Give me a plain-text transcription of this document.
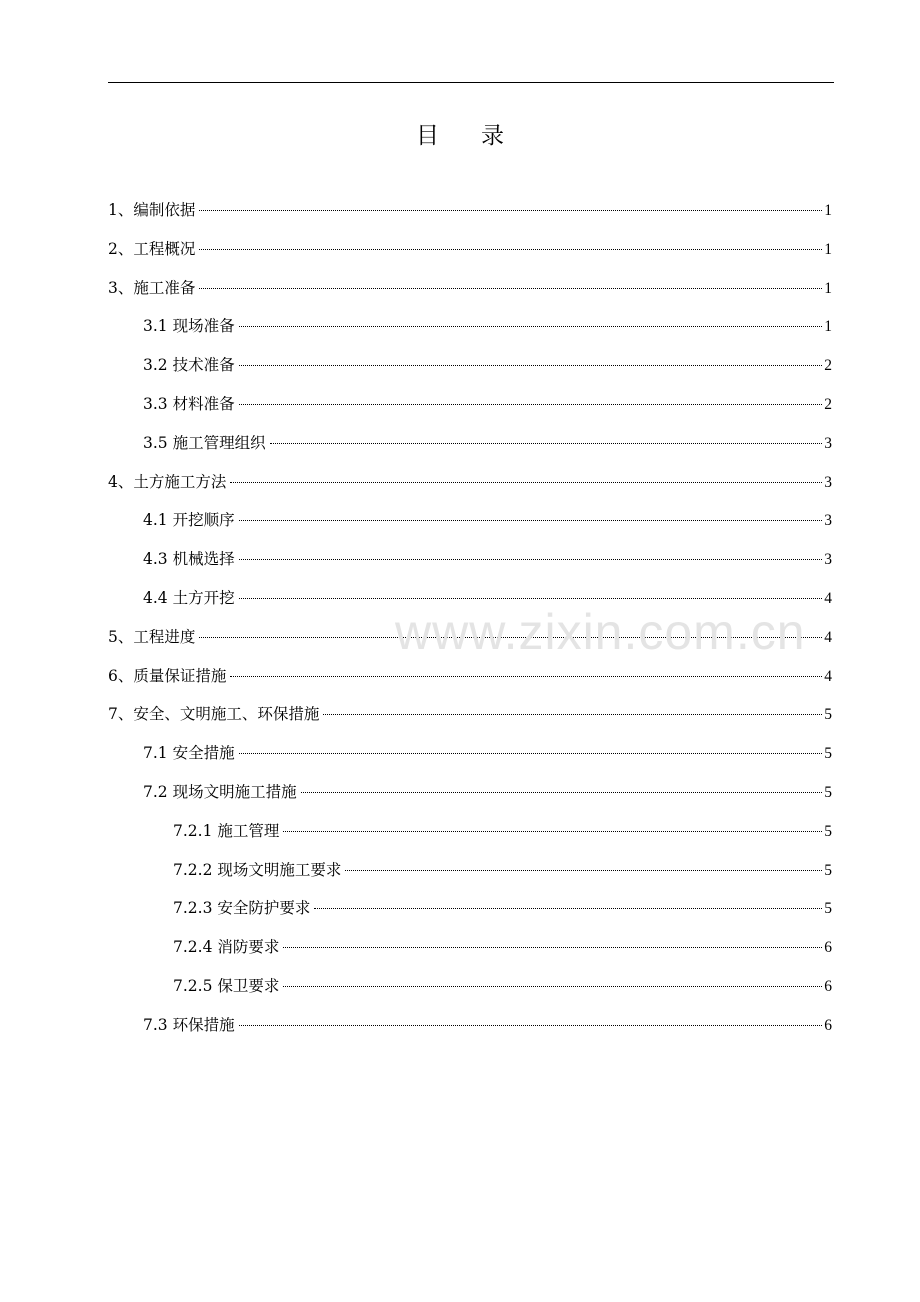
目 录
1、编制依据	1
2、工程概况	1
3、施工准备	1
3.1 现场准备	1
3.2 技术准备	2
3.3 材料准备	2
3.5 施工管理组织	3
4、土方施工方法	3
4.1 开挖顺序	3
4.3 机械选择	3
4.4 土方开挖	4
5、工程进度	4
6、质量保证措施	4
7、安全、文明施工、环保措施	5
7.1 安全措施	5
7.2 现场文明施工措施	5
7.2.1 施工管理	5
7.2.2 现场文明施工要求	5
7.2.3 安全防护要求	5
7.2.4 消防要求	6
7.2.5 保卫要求	6
7.3 环保措施	6
www.zixin.com.cn
